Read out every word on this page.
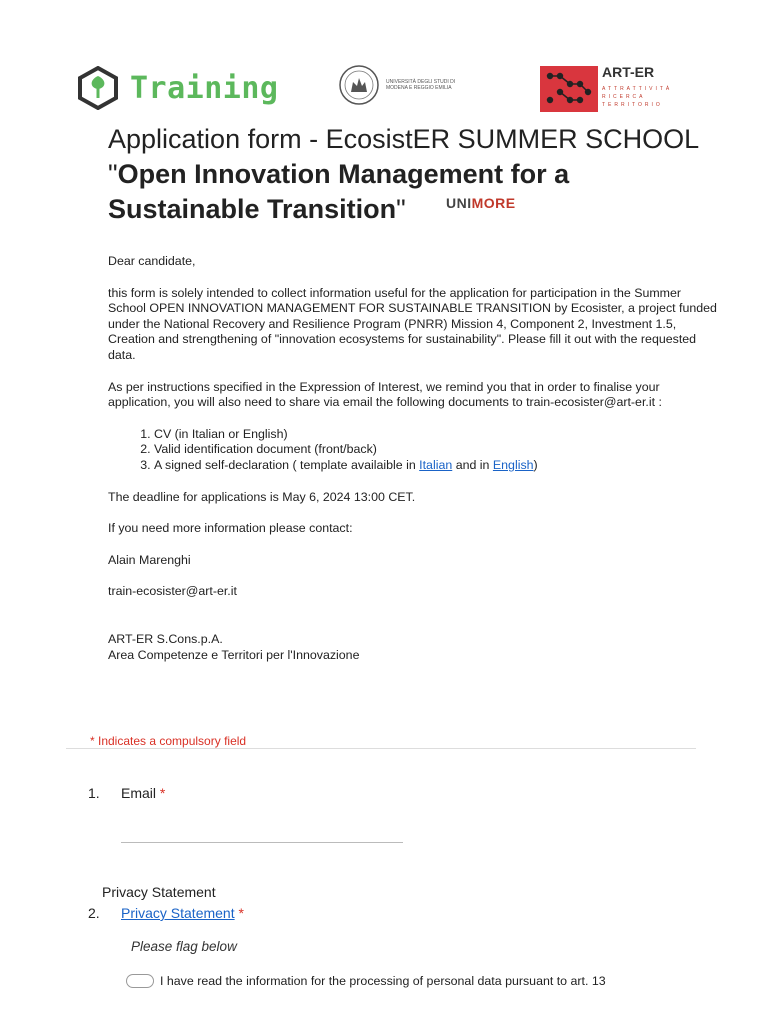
Training
UNIMORE
UNIVERSITÀ DEGLI STUDI DI
MODENA E REGGIO EMILIA
ART-ER
ATTRATTIVITÀ
RICERCA
TERRITORIO
Application form - EcosistER SUMMER SCHOOL "Open Innovation Management for a Sustainable Transition"

Dear candidate,

this form is solely intended to collect information useful for the application for participation in the Summer School OPEN INNOVATION MANAGEMENT FOR SUSTAINABLE TRANSITION by Ecosister, a project funded under the National Recovery and Resilience Program (PNRR) Mission 4, Component 2, Investment 1.5, Creation and strengthening of "innovation ecosystems for sustainability". Please fill it out with the requested data.

As per instructions specified in the Expression of Interest, we remind you that in order to finalise your application, you will also need to share via email the following documents to train-ecosister@art-er.it :

1. CV (in Italian or English)
2. Valid identification document (front/back)
3. A signed self-declaration ( template availaible in Italian and in English)

The deadline for applications is May 6, 2024 13:00 CET.

If you need more information please contact:

Alain Marenghi

train-ecosister@art-er.it

ART-ER S.Cons.p.A.

Area Competenze e Territori per l'Innovazione

* Indicates a compulsory field
1. Email *
Privacy Statement
2. Privacy Statement *
Please flag below
I have read the information for the processing of personal data pursuant to art. 13
